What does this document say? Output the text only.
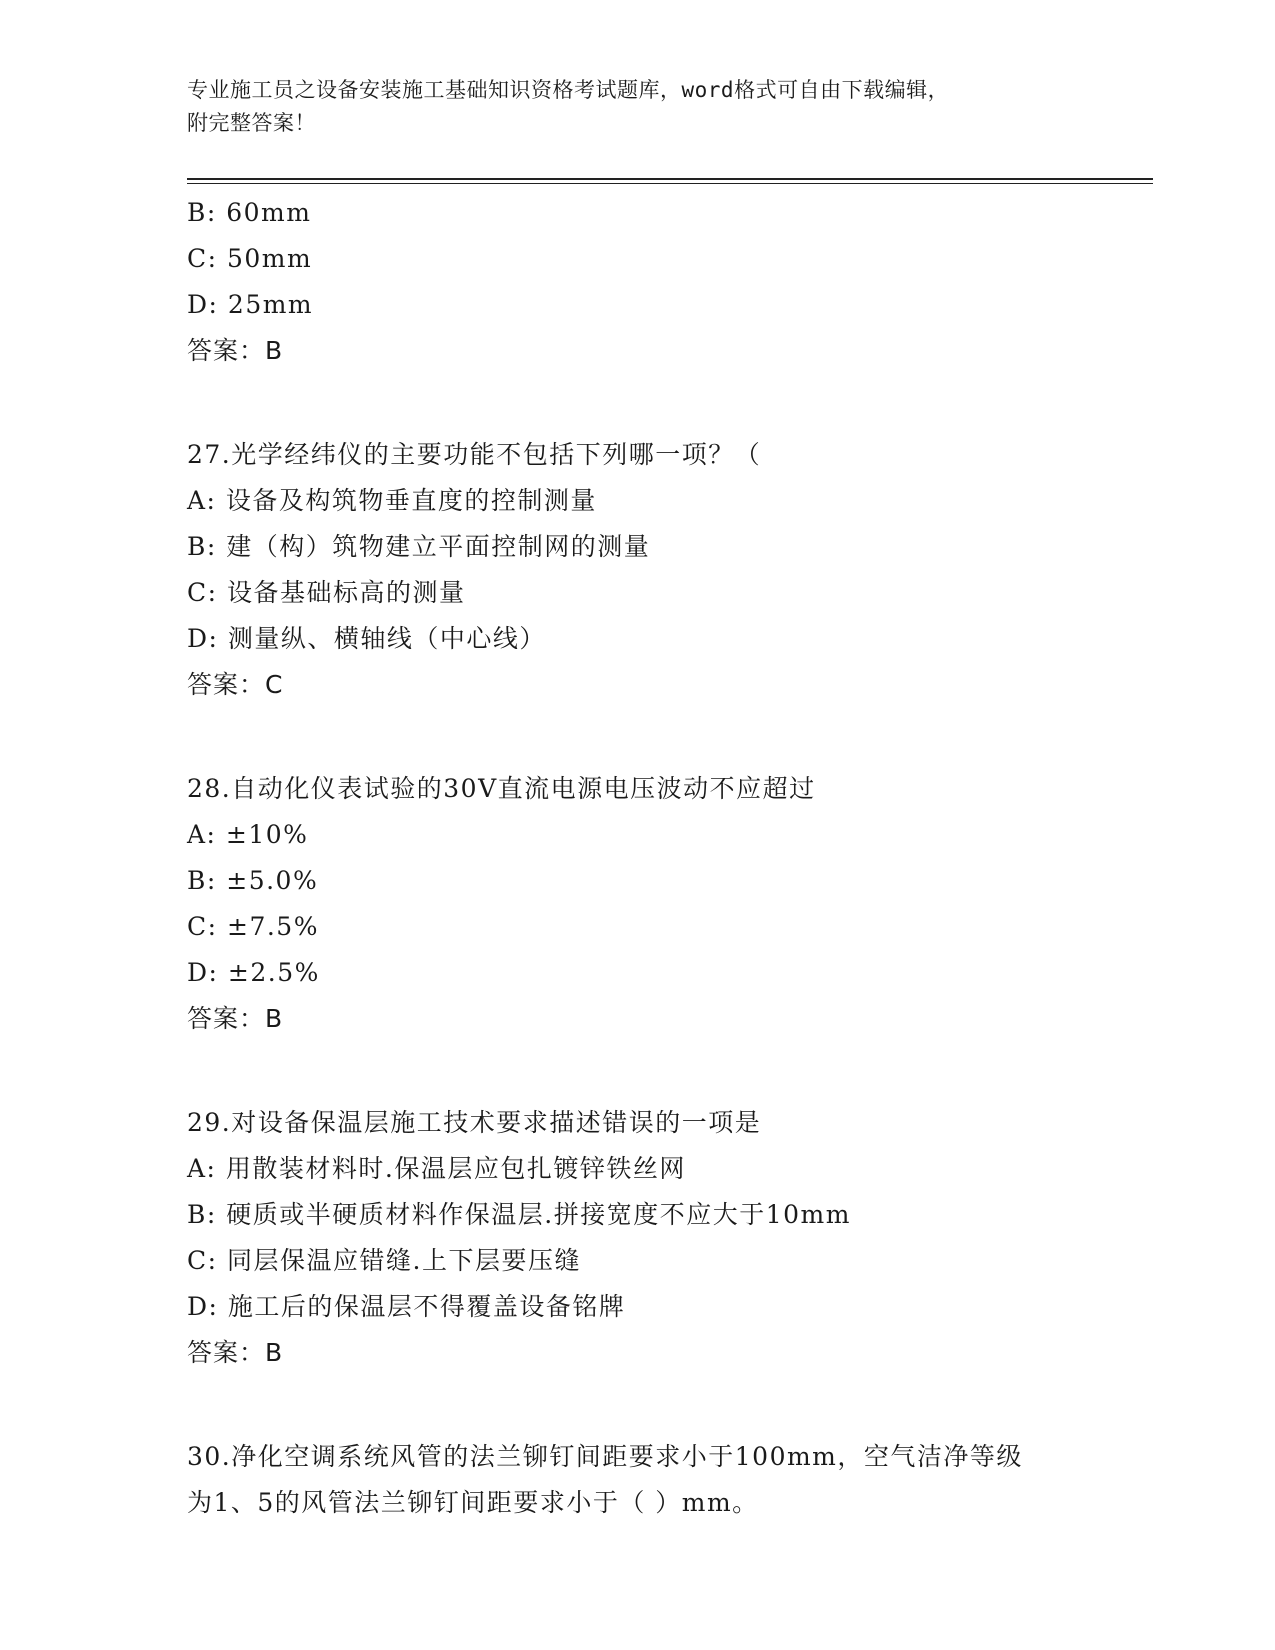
专业施工员之设备安装施工基础知识资格考试题库，word格式可自由下载编辑，
附完整答案！
B: 60mm
C: 50mm
D: 25mm
答案：B
27.光学经纬仪的主要功能不包括下列哪一项？（
A: 设备及构筑物垂直度的控制测量
B: 建（构）筑物建立平面控制网的测量
C: 设备基础标高的测量
D: 测量纵、横轴线（中心线）
答案：C
28.自动化仪表试验的30V直流电源电压波动不应超过
A: ±10%
B: ±5.0%
C: ±7.5%
D: ±2.5%
答案：B
29.对设备保温层施工技术要求描述错误的一项是
A: 用散装材料时.保温层应包扎镀锌铁丝网
B: 硬质或半硬质材料作保温层.拼接宽度不应大于10mm
C: 同层保温应错缝.上下层要压缝
D: 施工后的保温层不得覆盖设备铭牌
答案：B
30.净化空调系统风管的法兰铆钉间距要求小于100mm，空气洁净等级
为1、5的风管法兰铆钉间距要求小于（ ）mm。
